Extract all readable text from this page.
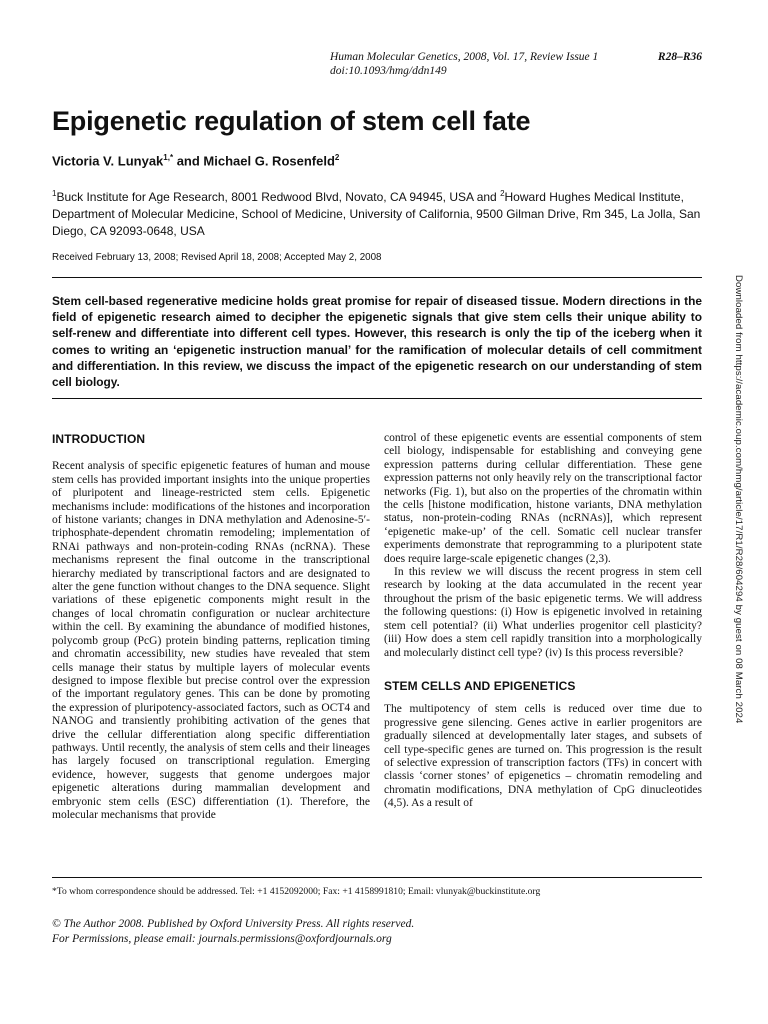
Human Molecular Genetics, 2008, Vol. 17, Review Issue 1	R28–R36
doi:10.1093/hmg/ddn149
Epigenetic regulation of stem cell fate
Victoria V. Lunyak$^{1,*}$ and Michael G. Rosenfeld$^2$
$^1$Buck Institute for Age Research, 8001 Redwood Blvd, Novato, CA 94945, USA and $^2$Howard Hughes Medical Institute, Department of Molecular Medicine, School of Medicine, University of California, 9500 Gilman Drive, Rm 345, La Jolla, San Diego, CA 92093-0648, USA
Received February 13, 2008; Revised April 18, 2008; Accepted May 2, 2008
Stem cell-based regenerative medicine holds great promise for repair of diseased tissue. Modern directions in the field of epigenetic research aimed to decipher the epigenetic signals that give stem cells their unique ability to self-renew and differentiate into different cell types. However, this research is only the tip of the iceberg when it comes to writing an ‘epigenetic instruction manual’ for the ramification of molecular details of cell commitment and differentiation. In this review, we discuss the impact of the epigenetic research on our understanding of stem cell biology.
INTRODUCTION

Recent analysis of specific epigenetic features of human and mouse stem cells has provided important insights into the unique properties of pluripotent and lineage-restricted stem cells. Epigenetic mechanisms include: modifications of the histones and incorporation of histone variants; changes in DNA methylation and Adenosine-5′-triphosphate-dependent chromatin remodeling; implementation of RNAi pathways and non-protein-coding RNAs (ncRNA). These mechanisms represent the final outcome in the transcriptional hierarchy mediated by transcriptional factors and are designated to alter the gene function without changes to the DNA sequence. Slight variations of these epigenetic components might result in the changes of local chromatin configuration or nuclear architecture within the cell. By examining the abundance of modified histones, polycomb group (PcG) protein binding patterns, replication timing and chromatin accessibility, new studies have revealed that stem cells manage their status by multiple layers of molecular events designed to impose flexible but precise control over the expression of the important regulatory genes. This can be done by promoting the expression of pluripotency-associated factors, such as OCT4 and NANOG and transiently prohibiting activation of the genes that drive the cellular differentiation along specific differentiation pathways. Until recently, the analysis of stem cells and their lineages has largely focused on transcriptional regulation. Emerging evidence, however, suggests that genome undergoes major epigenetic alterations during mammalian development and embryonic stem cells (ESC) differentiation (1). Therefore, the molecular mechanisms that provide

control of these epigenetic events are essential components of stem cell biology, indispensable for establishing and conveying gene expression patterns during cellular differentiation. These gene expression patterns not only heavily rely on the transcriptional factor networks (Fig. 1), but also on the properties of the chromatin within the cells [histone modification, histone variants, DNA methylation status, non-protein-coding RNAs (ncRNAs)], which represent ‘epigenetic make-up’ of the cell. Somatic cell nuclear transfer experiments demonstrate that reprogramming to a pluripotent state does require large-scale epigenetic changes (2,3).

In this review we will discuss the recent progress in stem cell research by looking at the data accumulated in the recent year throughout the prism of the basic epigenetic terms. We will address the following questions: (i) How is epigenetic involved in retaining stem cell potential? (ii) What underlies progenitor cell plasticity? (iii) How does a stem cell rapidly transition into a morphologically and molecularly distinct cell type? (iv) Is this process reversible?

STEM CELLS AND EPIGENETICS

The multipotency of stem cells is reduced over time due to progressive gene silencing. Genes active in earlier progenitors are gradually silenced at developmentally later stages, and subsets of cell type-specific genes are turned on. This progression is the result of selective expression of transcription factors (TFs) in concert with classis ‘corner stones’ of epigenetics – chromatin remodeling and chromatin modifications, DNA methylation of CpG dinucleotides (4,5). As a result of

Downloaded from https://academic.oup.com/hmg/article/17/R1/R28/604294 by guest on 08 March 2024
*To whom correspondence should be addressed. Tel: +1 4152092000; Fax: +1 4158991810; Email: vlunyak@buckinstitute.org
© The Author 2008. Published by Oxford University Press. All rights reserved.
For Permissions, please email: journals.permissions@oxfordjournals.org
